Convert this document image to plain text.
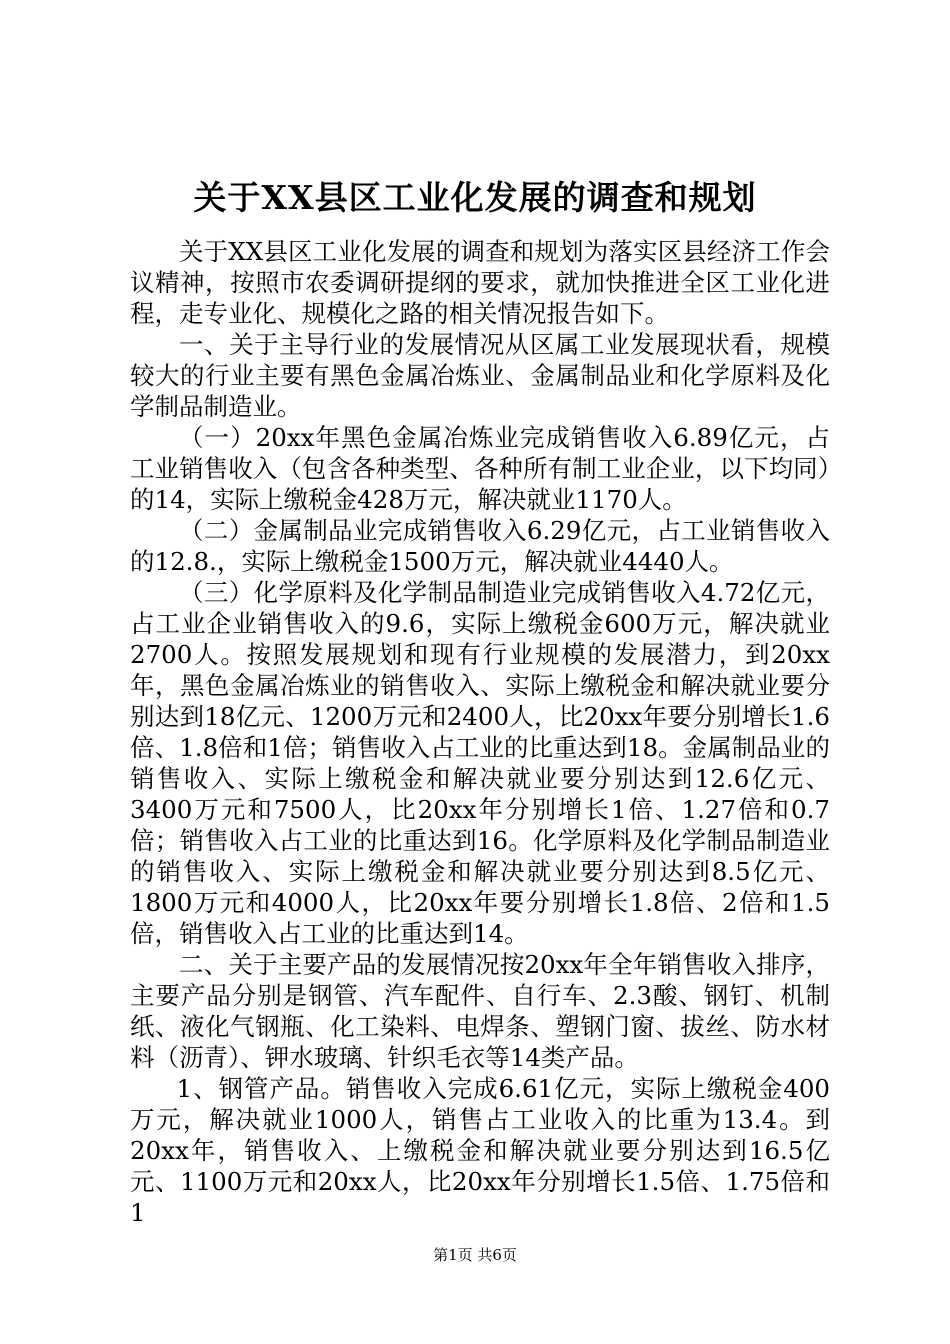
关于XX县区工业化发展的调查和规划

关于XX县区工业化发展的调查和规划为落实区县经济工作会议精神，按照市农委调研提纲的要求，就加快推进全区工业化进程，走专业化、规模化之路的相关情况报告如下。

一、关于主导行业的发展情况从区属工业发展现状看，规模较大的行业主要有黑色金属冶炼业、金属制品业和化学原料及化学制品制造业。

（一）20xx年黑色金属冶炼业完成销售收入6.89亿元，占工业销售收入（包含各种类型、各种所有制工业企业，以下均同）的14，实际上缴税金428万元，解决就业1170人。

（二）金属制品业完成销售收入6.29亿元，占工业销售收入的12.8.，实际上缴税金1500万元，解决就业4440人。

（三）化学原料及化学制品制造业完成销售收入4.72亿元，占工业企业销售收入的9.6，实际上缴税金600万元，解决就业2700人。按照发展规划和现有行业规模的发展潜力，到20xx年，黑色金属冶炼业的销售收入、实际上缴税金和解决就业要分别达到18亿元、1200万元和2400人，比20xx年要分别增长1.6倍、1.8倍和1倍；销售收入占工业的比重达到18。金属制品业的销售收入、实际上缴税金和解决就业要分别达到12.6亿元、3400万元和7500人，比20xx年分别增长1倍、1.27倍和0.7倍；销售收入占工业的比重达到16。化学原料及化学制品制造业的销售收入、实际上缴税金和解决就业要分别达到8.5亿元、1800万元和4000人，比20xx年要分别增长1.8倍、2倍和1.5倍，销售收入占工业的比重达到14。

二、关于主要产品的发展情况按20xx年全年销售收入排序，主要产品分别是钢管、汽车配件、自行车、2.3酸、钢钉、机制纸、液化气钢瓶、化工染料、电焊条、塑钢门窗、拔丝、防水材料（沥青）、钾水玻璃、针织毛衣等14类产品。

1、钢管产品。销售收入完成6.61亿元，实际上缴税金400万元，解决就业1000人，销售占工业收入的比重为13.4。到20xx年，销售收入、上缴税金和解决就业要分别达到16.5亿元、1100万元和20xx人，比20xx年分别增长1.5倍、1.75倍和1

第1页 共6页
